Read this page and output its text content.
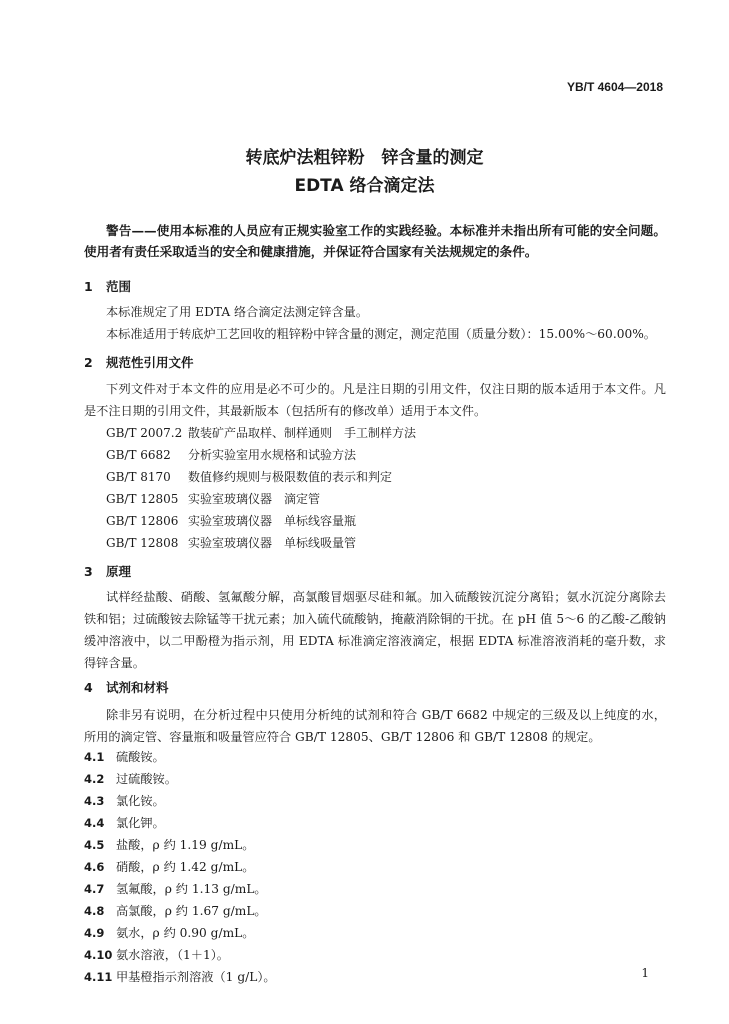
YB/T 4604—2018
转底炉法粗锌粉　锌含量的测定
EDTA 络合滴定法
警告——使用本标准的人员应有正规实验室工作的实践经验。本标准并未指出所有可能的安全问题。使用者有责任采取适当的安全和健康措施，并保证符合国家有关法规规定的条件。
1 范围
本标准规定了用 EDTA 络合滴定法测定锌含量。
本标准适用于转底炉工艺回收的粗锌粉中锌含量的测定，测定范围（质量分数）：15.00%～60.00%。
2 规范性引用文件
下列文件对于本文件的应用是必不可少的。凡是注日期的引用文件，仅注日期的版本适用于本文件。凡是不注日期的引用文件，其最新版本（包括所有的修改单）适用于本文件。
GB/T 2007.2 散装矿产品取样、制样通则　手工制样方法
GB/T 6682 分析实验室用水规格和试验方法
GB/T 8170 数值修约规则与极限数值的表示和判定
GB/T 12805 实验室玻璃仪器　滴定管
GB/T 12806 实验室玻璃仪器　单标线容量瓶
GB/T 12808 实验室玻璃仪器　单标线吸量管
3 原理
试样经盐酸、硝酸、氢氟酸分解，高氯酸冒烟驱尽硅和氟。加入硫酸铵沉淀分离铅；氨水沉淀分离除去铁和铝；过硫酸铵去除锰等干扰元素；加入硫代硫酸钠，掩蔽消除铜的干扰。在 pH 值 5～6 的乙酸-乙酸钠缓冲溶液中，以二甲酚橙为指示剂，用 EDTA 标准滴定溶液滴定，根据 EDTA 标准溶液消耗的毫升数，求得锌含量。
4 试剂和材料
除非另有说明，在分析过程中只使用分析纯的试剂和符合 GB/T 6682 中规定的三级及以上纯度的水，所用的滴定管、容量瓶和吸量管应符合 GB/T 12805、GB/T 12806 和 GB/T 12808 的规定。
4.1 硫酸铵。
4.2 过硫酸铵。
4.3 氯化铵。
4.4 氯化钾。
4.5 盐酸，ρ 约 1.19 g/mL。
4.6 硝酸，ρ 约 1.42 g/mL。
4.7 氢氟酸，ρ 约 1.13 g/mL。
4.8 高氯酸，ρ 约 1.67 g/mL。
4.9 氨水，ρ 约 0.90 g/mL。
4.10 氨水溶液，（1＋1）。
4.11 甲基橙指示剂溶液（1 g/L）。	1
